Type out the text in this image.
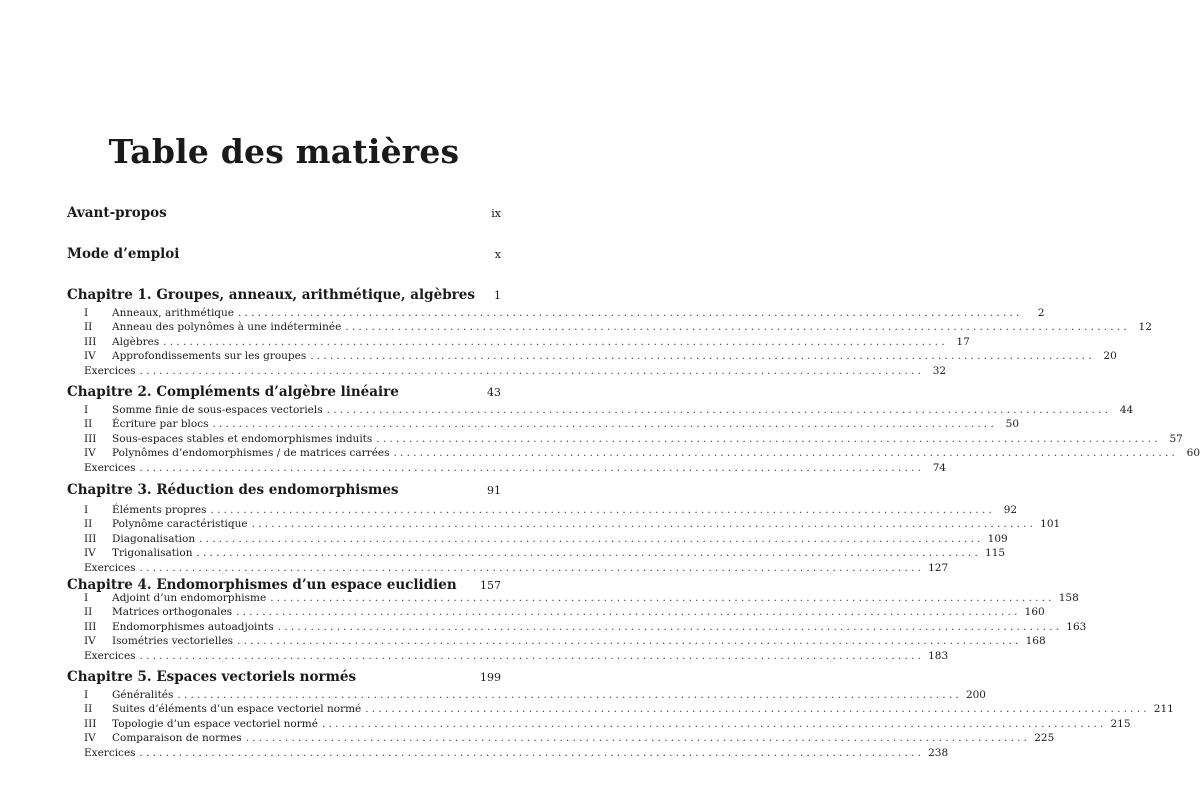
Table des matières
Avant-propos	ix
Mode d’emploi	x
Chapitre 1. Groupes, anneaux, arithmétique, algèbres 1
I	Anneaux, arithmétique ........................................................................................................................	2
II	Anneau des polynômes à une indéterminée ........................................................................................................................ 12
III	Algèbres ........................................................................................................................ 17
IV	Approfondissements sur les groupes ........................................................................................................................ 20
Exercices ........................................................................................................................ 32
Chapitre 2. Compléments d’algèbre linéaire	43
I	Somme finie de sous-espaces vectoriels ........................................................................................................................ 44
II	Écriture par blocs ........................................................................................................................ 50
III	Sous-espaces stables et endomorphismes induits ........................................................................................................................ 57
IV	Polynômes d’endomorphismes / de matrices carrées ........................................................................................................................ 60
Exercices ........................................................................................................................ 74
Chapitre 3. Réduction des endomorphismes	91
I	Éléments propres ........................................................................................................................ 92
II	Polynôme caractéristique ........................................................................................................................ 101
III	Diagonalisation ........................................................................................................................ 109
IV	Trigonalisation ........................................................................................................................ 115
Exercices ........................................................................................................................ 127
Chapitre 4. Endomorphismes d’un espace euclidien 157
I	Adjoint d’un endomorphisme ........................................................................................................................ 158
II	Matrices orthogonales ........................................................................................................................ 160
III	Endomorphismes autoadjoints ........................................................................................................................ 163
IV	Isométries vectorielles ........................................................................................................................ 168
Exercices ........................................................................................................................ 183
Chapitre 5. Espaces vectoriels normés	199
I	Généralités ........................................................................................................................ 200
II	Suites d’éléments d’un espace vectoriel normé ........................................................................................................................ 211
III	Topologie d’un espace vectoriel normé ........................................................................................................................ 215
IV	Comparaison de normes ........................................................................................................................ 225
Exercices ........................................................................................................................ 238
